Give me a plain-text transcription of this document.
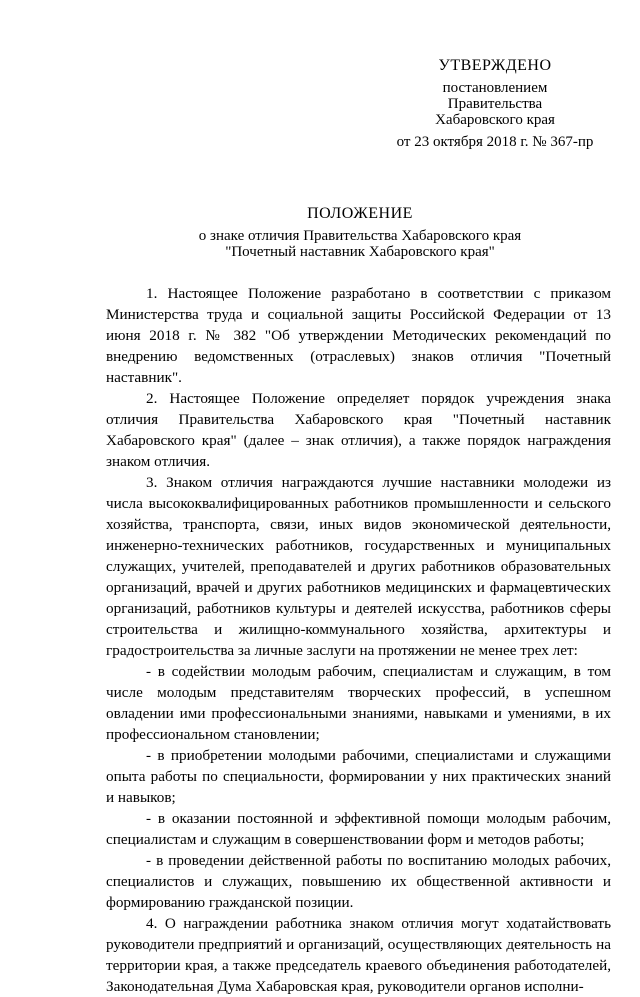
УТВЕРЖДЕНО
постановлением
Правительства
Хабаровского края
от 23 октября 2018 г. № 367-пр
ПОЛОЖЕНИЕ
о знаке отличия Правительства Хабаровского края
"Почетный наставник Хабаровского края"

1. Настоящее Положение разработано в соответствии с приказом Министерства труда и социальной защиты Российской Федерации от 13 июня 2018 г. № 382 "Об утверждении Методических рекомендаций по внедрению ведомственных (отраслевых) знаков отличия "Почетный наставник".

2. Настоящее Положение определяет порядок учреждения знака отличия Правительства Хабаровского края "Почетный наставник Хабаровского края" (далее – знак отличия), а также порядок награждения знаком отличия.

3. Знаком отличия награждаются лучшие наставники молодежи из числа высококвалифицированных работников промышленности и сельского хозяйства, транспорта, связи, иных видов экономической деятельности, инженерно-технических работников, государственных и муниципальных служащих, учителей, преподавателей и других работников образовательных организаций, врачей и других работников медицинских и фармацевтических организаций, работников культуры и деятелей искусства, работников сферы строительства и жилищно-коммунального хозяйства, архитектуры и градостроительства за личные заслуги на протяжении не менее трех лет:

- в содействии молодым рабочим, специалистам и служащим, в том числе молодым представителям творческих профессий, в успешном овладении ими профессиональными знаниями, навыками и умениями, в их профессиональном становлении;

- в приобретении молодыми рабочими, специалистами и служащими опыта работы по специальности, формировании у них практических знаний и навыков;

- в оказании постоянной и эффективной помощи молодым рабочим, специалистам и служащим в совершенствовании форм и методов работы;

- в проведении действенной работы по воспитанию молодых рабочих, специалистов и служащих, повышению их общественной активности и формированию гражданской позиции.

4. О награждении работника знаком отличия могут ходатайствовать руководители предприятий и организаций, осуществляющих деятельность на территории края, а также председатель краевого объединения работодателей, Законодательная Дума Хабаровская края, руководители органов исполни-
